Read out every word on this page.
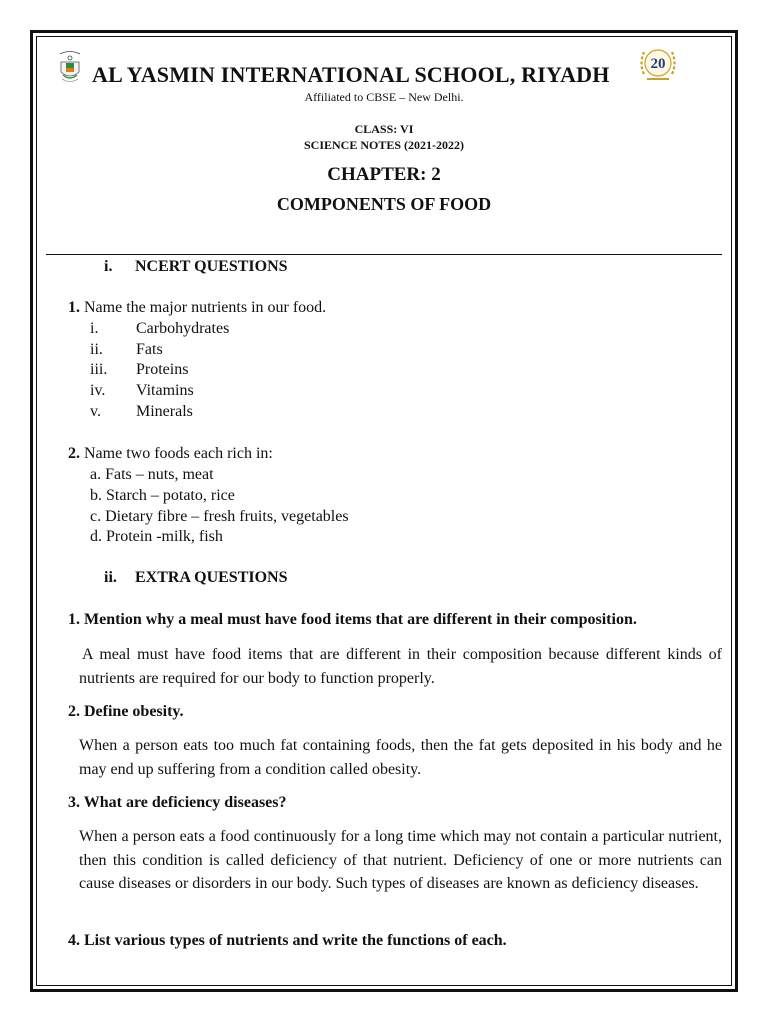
AL YASMIN INTERNATIONAL SCHOOL, RIYADH	20
Affiliated to CBSE – New Delhi.
CLASS: VI
SCIENCE NOTES (2021-2022)
CHAPTER: 2
COMPONENTS OF FOOD
i. NCERT QUESTIONS
1. Name the major nutrients in our food.
i. Carbohydrates
ii. Fats
iii. Proteins
iv. Vitamins
v. Minerals
2. Name two foods each rich in:
a. Fats – nuts, meat
b. Starch – potato, rice
c. Dietary fibre – fresh fruits, vegetables
d. Protein -milk, fish
ii. EXTRA QUESTIONS
1. Mention why a meal must have food items that are different in their composition.
A meal must have food items that are different in their composition because different kinds of nutrients are required for our body to function properly.
2. Define obesity.
When a person eats too much fat containing foods, then the fat gets deposited in his body and he may end up suffering from a condition called obesity.
3. What are deficiency diseases?
When a person eats a food continuously for a long time which may not contain a particular nutrient, then this condition is called deficiency of that nutrient. Deficiency of one or more nutrients can cause diseases or disorders in our body. Such types of diseases are known as deficiency diseases.
4. List various types of nutrients and write the functions of each.
